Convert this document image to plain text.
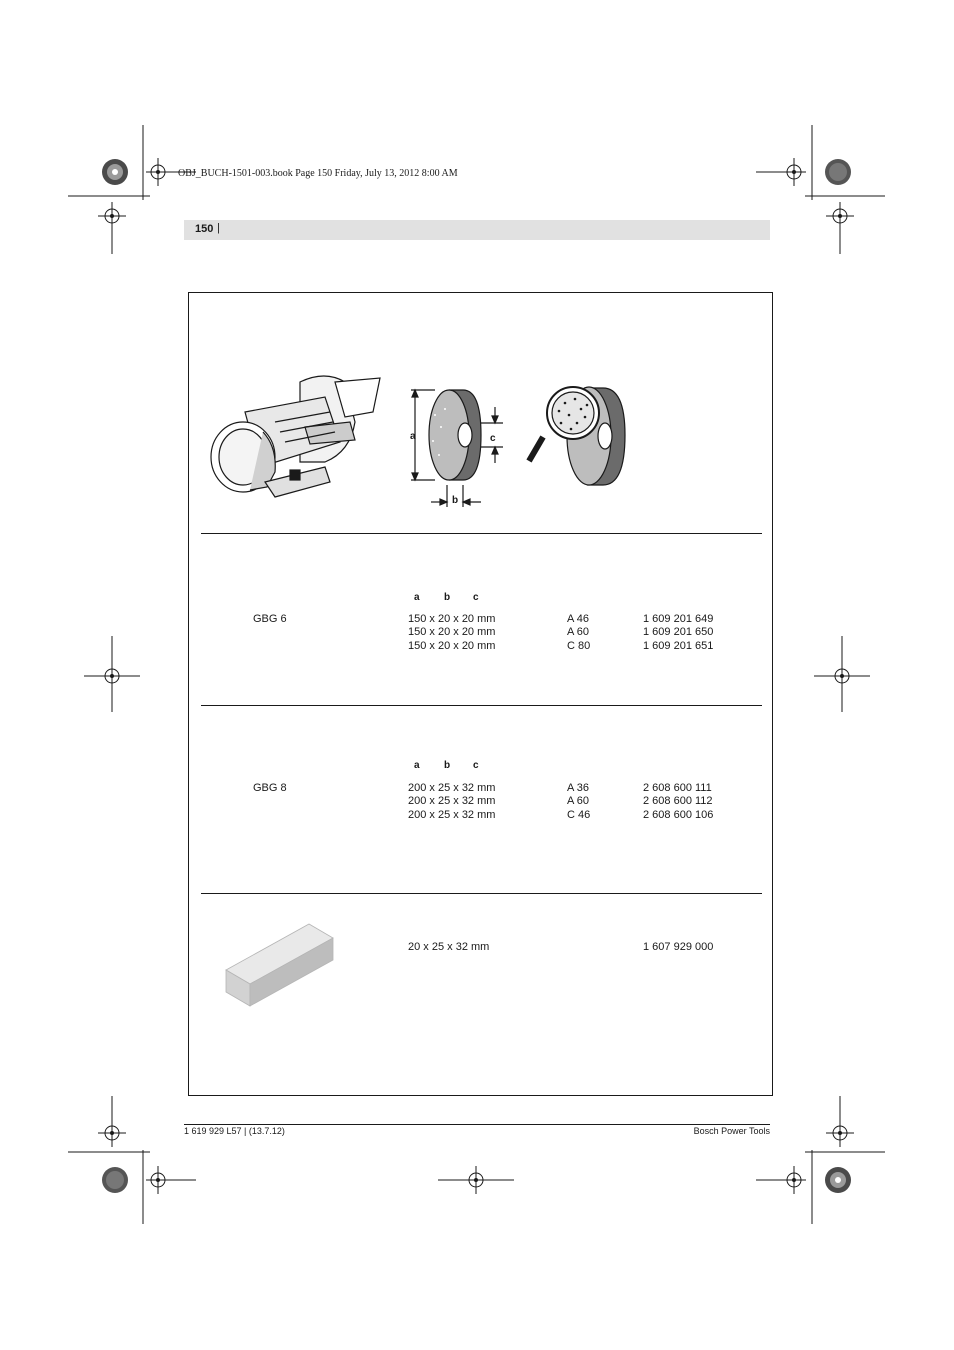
OBJ_BUCH-1501-003.book Page 150 Friday, July 13, 2012 8:00 AM
150 |
a	c
b
a b c
GBG 6	150 x 20 x 20 mm	A 46	1 609 201 649
150 x 20 x 20 mm	A 60	1 609 201 650
150 x 20 x 20 mm	C 80	1 609 201 651
a b c
GBG 8	200 x 25 x 32 mm	A 36	2 608 600 111
200 x 25 x 32 mm	A 60	2 608 600 112
200 x 25 x 32 mm	C 46	2 608 600 106
20 x 25 x 32 mm	1 607 929 000
1 619 929 L57 | (13.7.12)	Bosch Power Tools
